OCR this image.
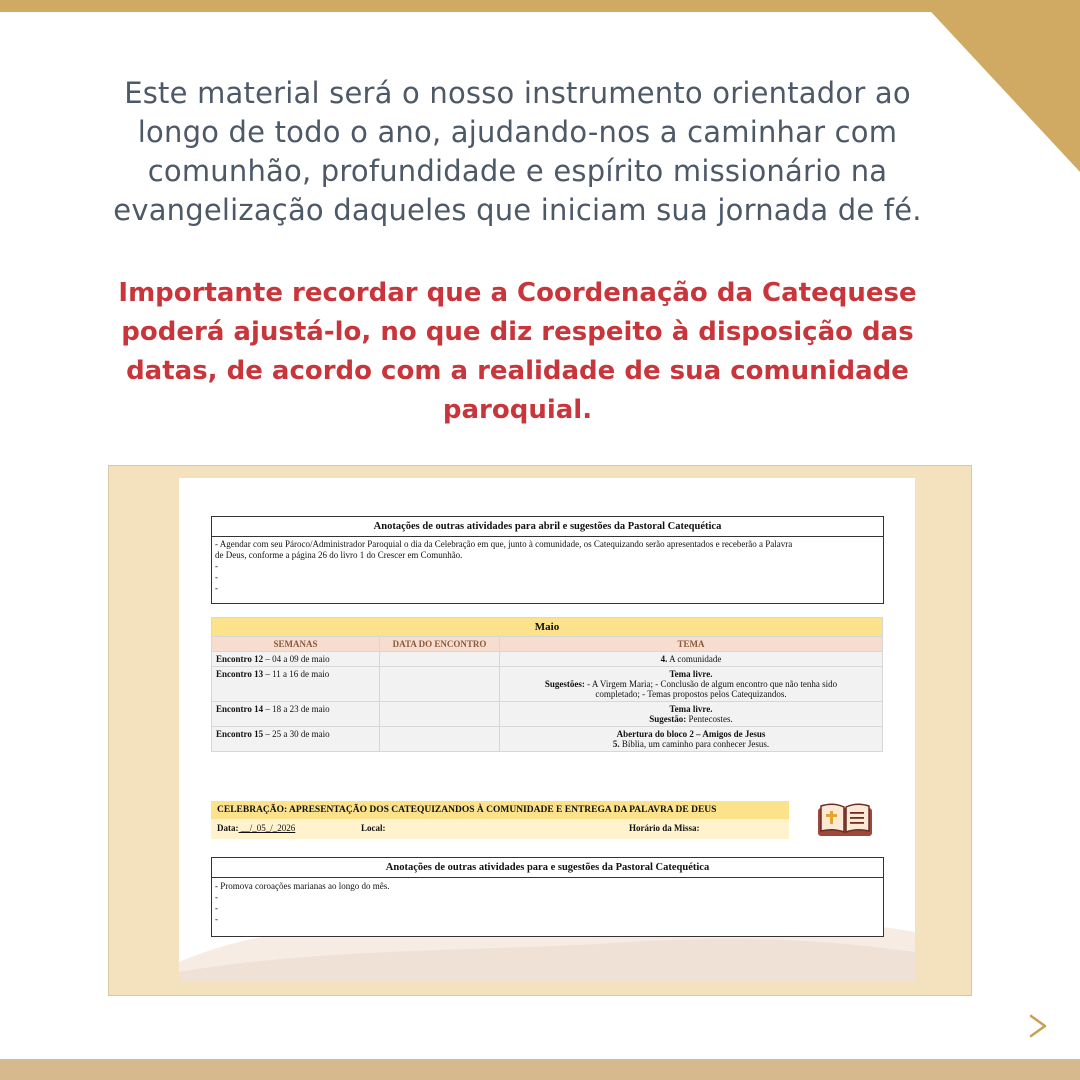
Este material será o nosso instrumento orientador ao
longo de todo o ano, ajudando-nos a caminhar com
comunhão, profundidade e espírito missionário na
evangelização daqueles que iniciam sua jornada de fé.
Importante recordar que a Coordenação da Catequese
poderá ajustá-lo, no que diz respeito à disposição das
datas, de acordo com a realidade de sua comunidade
paroquial.
Anotações de outras atividades para abril e sugestões da Pastoral Catequética
- Agendar com seu Pároco/Administrador Paroquial o dia da Celebração em que, junto à comunidade, os Catequizando serão apresentados e receberão a Palavra
de Deus, conforme a página 26 do livro 1 do Crescer em Comunhão.
-
-
-
Maio		
SEMANAS	DATA DO ENCONTRO	TEMA
Encontro 12 – 04 a 09 de maio		4. A comunidade
Encontro 13 – 11 a 16 de maio		Tema livre.
Sugestões: - A Virgem Maria; - Conclusão de algum encontro que não tenha sido
completado; - Temas propostos pelos Catequizandos.

Encontro 14 – 18 a 23 de maio		Tema livre.
Sugestão: Pentecostes.

Encontro 15 – 25 a 30 de maio		Abertura do bloco 2 – Amigos de Jesus
5. Bíblia, um caminho para conhecer Jesus.
CELEBRAÇÃO: APRESENTAÇÃO DOS CATEQUIZANDOS À COMUNIDADE E ENTREGA DA PALAVRA DE DEUS
Data: __/_05_/_2026	Local:	Horário da Missa:
Anotações de outras atividades para e sugestões da Pastoral Catequética
- Promova coroações marianas ao longo do mês.
-
-
-
